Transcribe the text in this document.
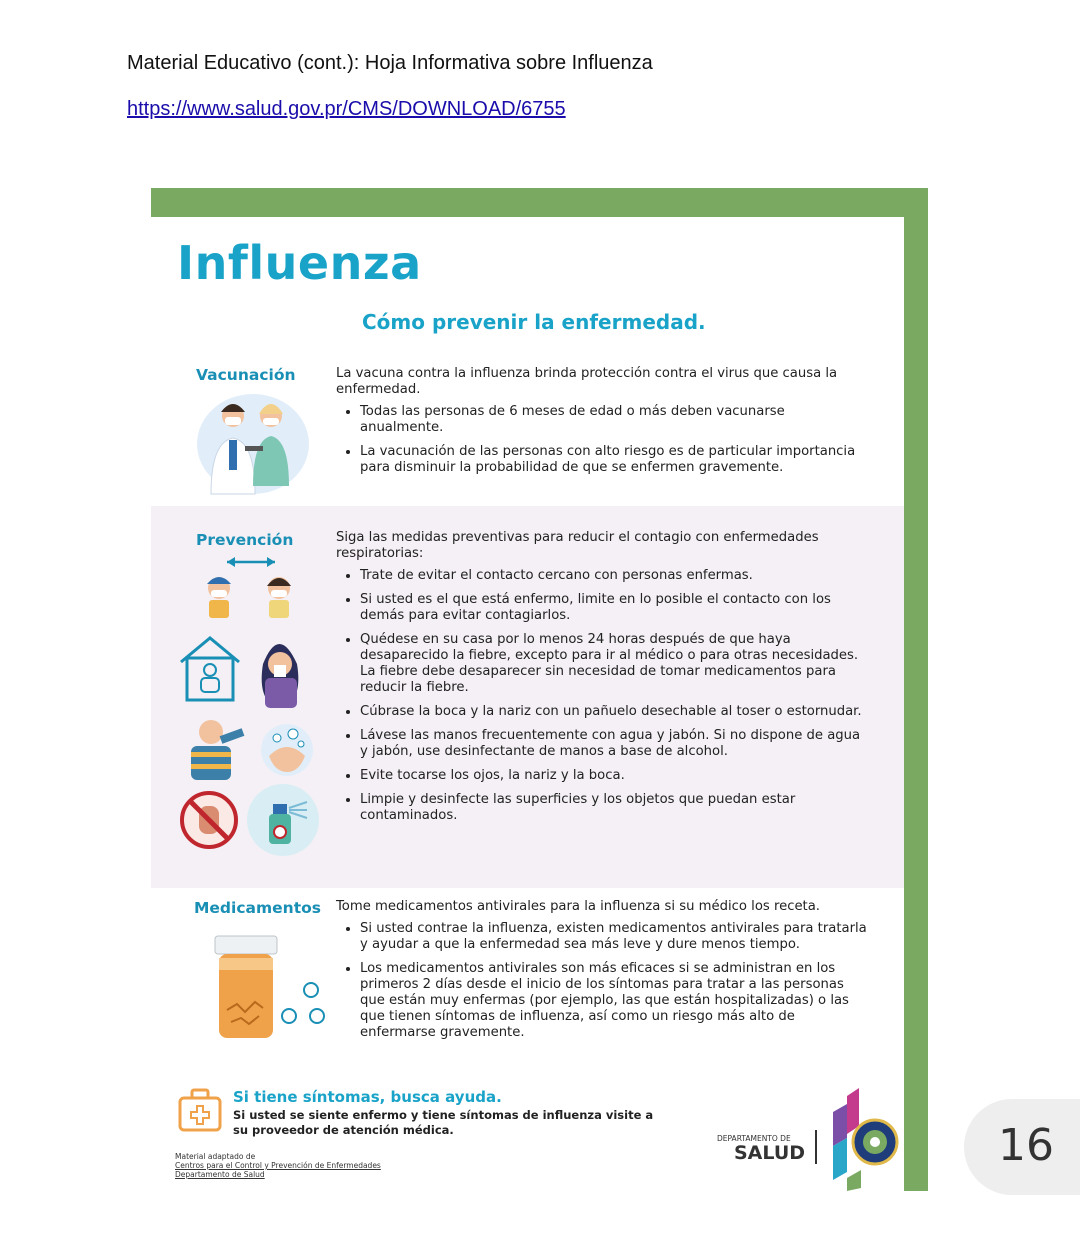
Material Educativo (cont.): Hoja Informativa sobre Influenza
https://www.salud.gov.pr/CMS/DOWNLOAD/6755
Influenza
Cómo prevenir la enfermedad.
Vacunación	La vacuna contra la influenza brinda protección contra el virus que causa la enfermedad.

• Todas las personas de 6 meses de edad o más deben vacunarse anualmente.
• La vacunación de las personas con alto riesgo es de particular importancia para disminuir la probabilidad de que se enfermen gravemente.
Prevención	Siga las medidas preventivas para reducir el contagio con enfermedades respiratorias:

• Trate de evitar el contacto cercano con personas enfermas.
• Si usted es el que está enfermo, limite en lo posible el contacto con los demás para evitar contagiarlos.
• Quédese en su casa por lo menos 24 horas después de que haya desaparecido la fiebre, excepto para ir al médico o para otras necesidades. La fiebre debe desaparecer sin necesidad de tomar medicamentos para reducir la fiebre.
• Cúbrase la boca y la nariz con un pañuelo desechable al toser o estornudar.
• Lávese las manos frecuentemente con agua y jabón. Si no dispone de agua y jabón, use desinfectante de manos a base de alcohol.
• Evite tocarse los ojos, la nariz y la boca.
• Limpie y desinfecte las superficies y los objetos que puedan estar contaminados.
Medicamentos Tome medicamentos antivirales para la influenza si su médico los receta.

• Si usted contrae la influenza, existen medicamentos antivirales para tratarla y ayudar a que la enfermedad sea más leve y dure menos tiempo.
• Los medicamentos antivirales son más eficaces si se administran en los primeros 2 días desde el inicio de los síntomas para tratar a las personas que están muy enfermas (por ejemplo, las que están hospitalizadas) o las que tienen síntomas de influenza, así como un riesgo más alto de enfermarse gravemente.
Si tiene síntomas, busca ayuda.
Si usted se siente enfermo y tiene síntomas de influenza visite a su proveedor de atención médica.
Material adaptado de
Centros para el Control y Prevención de Enfermedades
Departamento de Salud
DEPARTAMENTO DE
SALUD	16
